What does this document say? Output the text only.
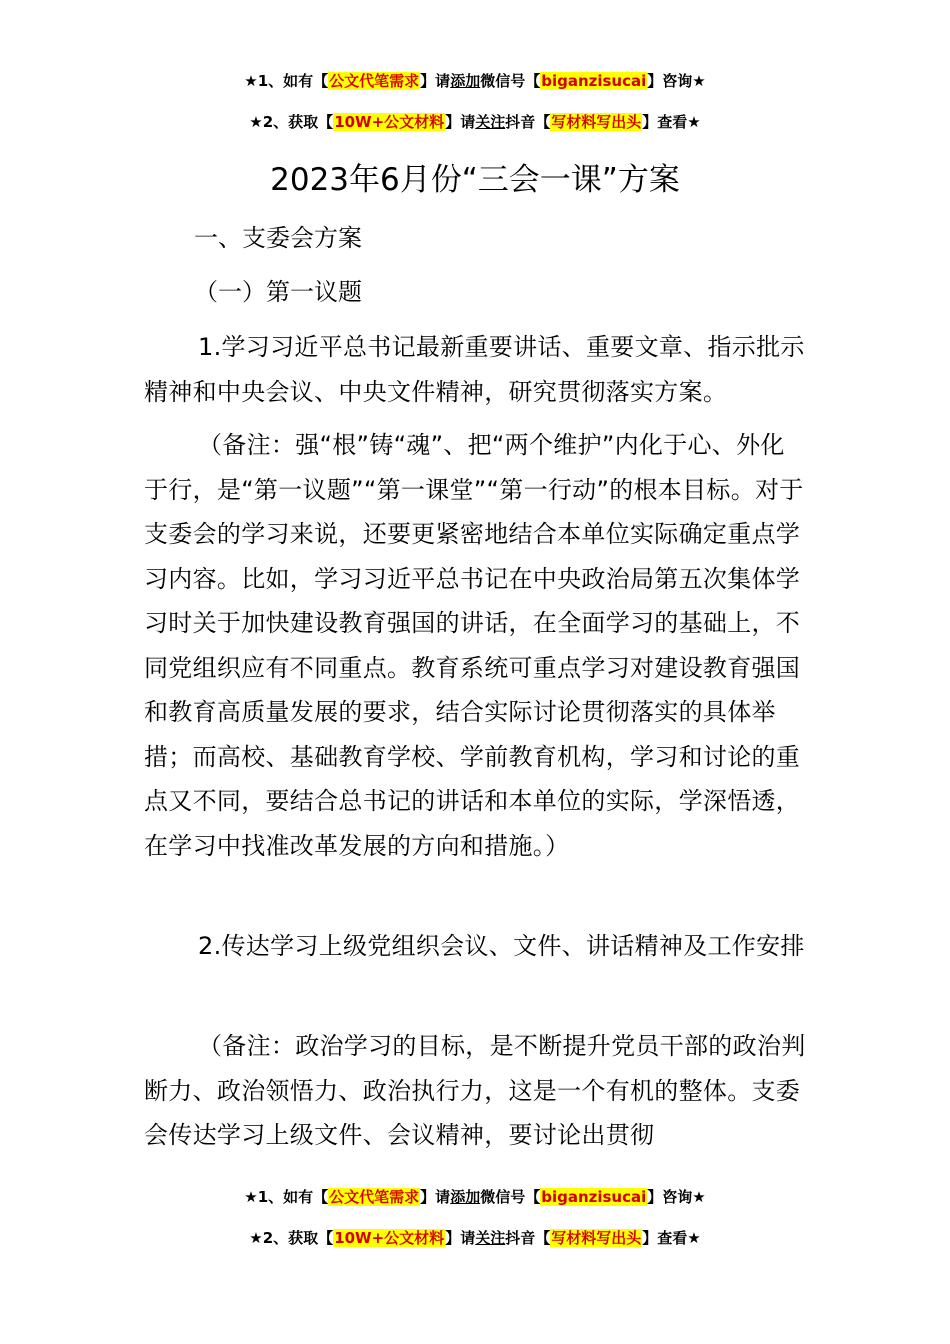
★1、如有【公文代笔需求】请添加微信号【biganzisucai】咨询★
★2、获取【10W+公文材料】请关注抖音【写材料写出头】查看★
2023年6月份“三会一课”方案
一、支委会方案
（一）第一议题

1.学习习近平总书记最新重要讲话、重要文章、指示批示精神和中央会议、中央文件精神，研究贯彻落实方案。

（备注：强“根”铸“魂”、把“两个维护”内化于心、外化于行，是“第一议题”“第一课堂”“第一行动”的根本目标。对于支委会的学习来说，还要更紧密地结合本单位实际确定重点学习内容。比如，学习习近平总书记在中央政治局第五次集体学习时关于加快建设教育强国的讲话，在全面学习的基础上，不同党组织应有不同重点。教育系统可重点学习对建设教育强国和教育高质量发展的要求，结合实际讨论贯彻落实的具体举措；而高校、基础教育学校、学前教育机构，学习和讨论的重点又不同，要结合总书记的讲话和本单位的实际，学深悟透，在学习中找准改革发展的方向和措施。）

2.传达学习上级党组织会议、文件、讲话精神及工作安排

（备注：政治学习的目标，是不断提升党员干部的政治判断力、政治领悟力、政治执行力，这是一个有机的整体。支委会传达学习上级文件、会议精神，要讨论出贯彻

★1、如有【公文代笔需求】请添加微信号【biganzisucai】咨询★
★2、获取【10W+公文材料】请关注抖音【写材料写出头】查看★
